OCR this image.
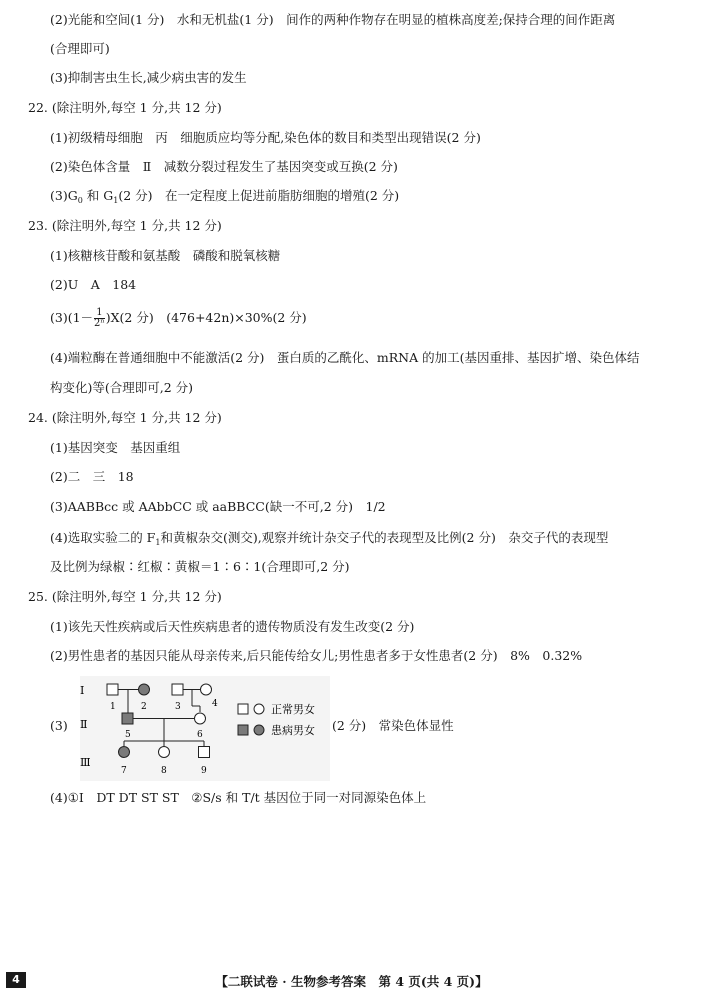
(2)光能和空间(1 分)　水和无机盐(1 分)　间作的两种作物存在明显的植株高度差;保持合理的间作距离
(合理即可)
(3)抑制害虫生长,减少病虫害的发生
22. (除注明外,每空 1 分,共 12 分)
(1)初级精母细胞　丙　细胞质应均等分配,染色体的数目和类型出现错误(2 分)
(2)染色体含量　Ⅱ　减数分裂过程发生了基因突变或互换(2 分)
$(3)G_0$ 和 $G_1(2$ 分)　在一定程度上促进前脂肪细胞的增殖(2 分)
23. (除注明外,每空 1 分,共 12 分)
(1)核糖核苷酸和氨基酸　磷酸和脱氧核糖
(2)U　A　184
$(3)(1- \frac{1}{\text{2ⁿ}} )X(2$ 分)　(476+42n)×30%(2 分)
(4)端粒酶在普通细胞中不能激活(2 分)　蛋白质的乙酰化、mRNA 的加工(基因重排、基因扩增、染色体结
构变化)等(合理即可,2 分)
24. (除注明外,每空 1 分,共 12 分)
(1)基因突变　基因重组
(2)二　三　18
(3)AABBcc 或 AAbbCC 或 aaBBCC(缺一不可,2 分)　1/2
(4)选取实验二的 $F_1$和黄椒杂交(测交),观察并统计杂交子代的表现型及比例(2 分)　杂交子代的表现型
及比例为绿椒∶红椒∶黄椒＝1∶6∶1(合理即可,2 分)
25. (除注明外,每空 1 分,共 12 分)
(1)该先天性疾病或后天性疾病患者的遗传物质没有发生改变(2 分)
(2)男性患者的基因只能从母亲传来,后只能传给女儿;男性患者多于女性患者(2 分)　8%　0.32%
(3)
Ⅰ
Ⅱ
Ⅲ
1	2	3	4
5	6
7	8	9
正常男女
患病男女 (2 分)　常染色体显性
(4)①I　DT DT ST ST　②S/s 和 T/t 基因位于同一对同源染色体上
4	【二联试卷 · 生物参考答案　第 4 页(共 4 页)】
